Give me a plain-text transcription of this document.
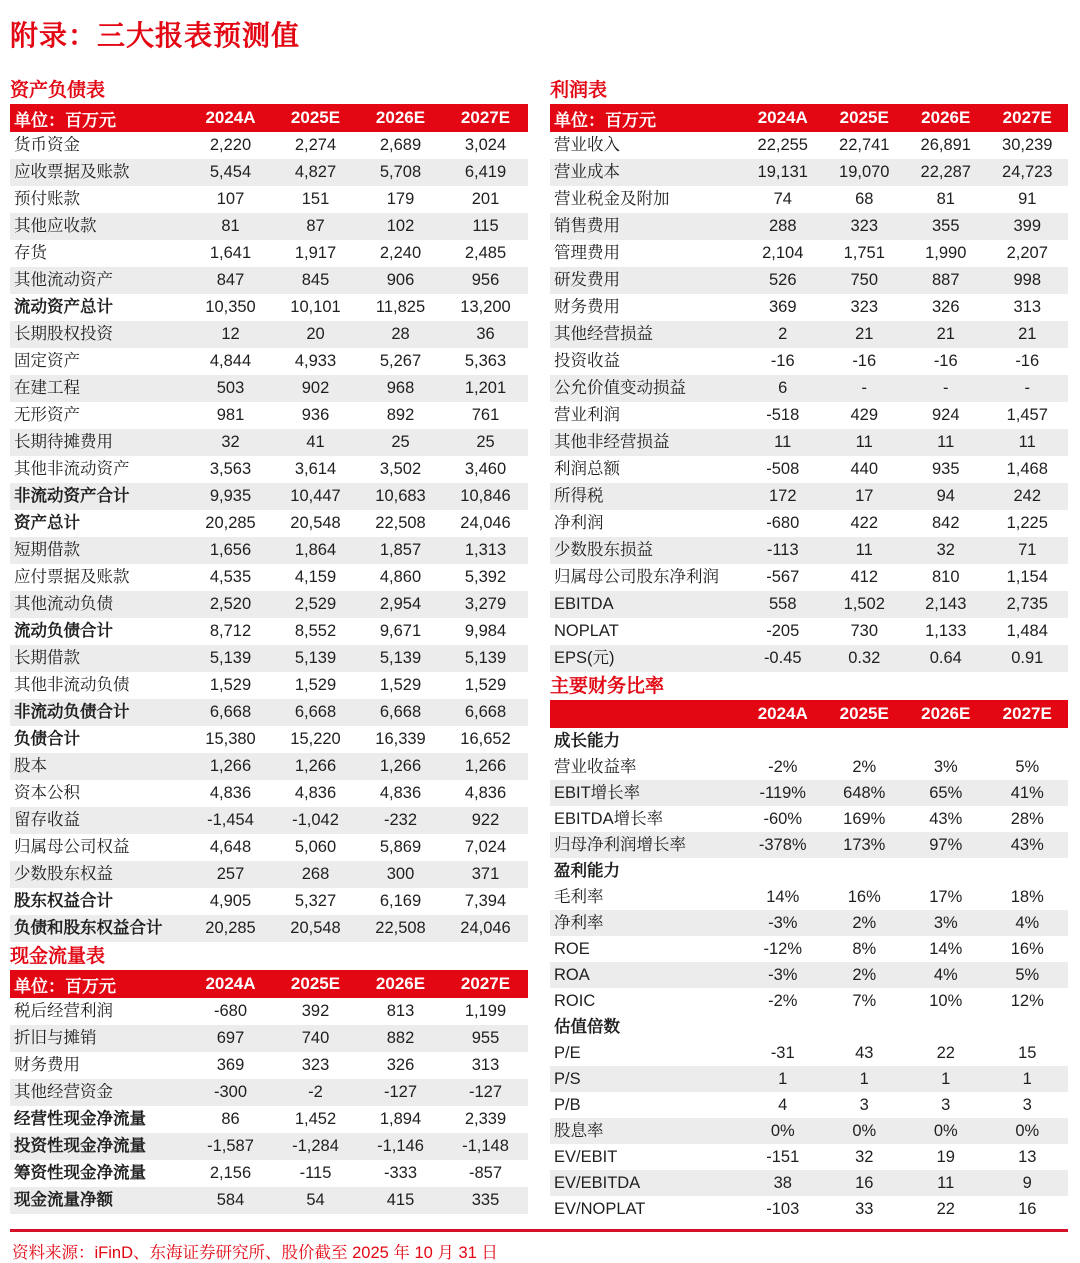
附录：三大报表预测值
资产负债表
单位：百万元	2024A	2025E	2026E	2027E
货币资金	2,220	2,274	2,689	3,024
应收票据及账款	5,454	4,827	5,708	6,419
预付账款	107	151	179	201
其他应收款	81	87	102	115
存货	1,641	1,917	2,240	2,485
其他流动资产	847	845	906	956
流动资产总计	10,350	10,101	11,825	13,200
长期股权投资	12	20	28	36
固定资产	4,844	4,933	5,267	5,363
在建工程	503	902	968	1,201
无形资产	981	936	892	761
长期待摊费用	32	41	25	25
其他非流动资产	3,563	3,614	3,502	3,460
非流动资产合计	9,935	10,447	10,683	10,846
资产总计	20,285	20,548	22,508	24,046
短期借款	1,656	1,864	1,857	1,313
应付票据及账款	4,535	4,159	4,860	5,392
其他流动负债	2,520	2,529	2,954	3,279
流动负债合计	8,712	8,552	9,671	9,984
长期借款	5,139	5,139	5,139	5,139
其他非流动负债	1,529	1,529	1,529	1,529
非流动负债合计	6,668	6,668	6,668	6,668
负债合计	15,380	15,220	16,339	16,652
股本	1,266	1,266	1,266	1,266
资本公积	4,836	4,836	4,836	4,836
留存收益	-1,454	-1,042	-232	922
归属母公司权益	4,648	5,060	5,869	7,024
少数股东权益	257	268	300	371
股东权益合计	4,905	5,327	6,169	7,394
负债和股东权益合计	20,285	20,548	22,508	24,046
现金流量表
单位：百万元	2024A	2025E	2026E	2027E
税后经营利润	-680	392	813	1,199
折旧与摊销	697	740	882	955
财务费用	369	323	326	313
其他经营资金	-300	-2	-127	-127
经营性现金净流量	86	1,452	1,894	2,339
投资性现金净流量	-1,587	-1,284	-1,146	-1,148
筹资性现金净流量	2,156	-115	-333	-857
现金流量净额	584	54	415	335
利润表
单位：百万元	2024A	2025E	2026E	2027E
营业收入	22,255	22,741	26,891	30,239
营业成本	19,131	19,070	22,287	24,723
营业税金及附加	74	68	81	91
销售费用	288	323	355	399
管理费用	2,104	1,751	1,990	2,207
研发费用	526	750	887	998
财务费用	369	323	326	313
其他经营损益	2	21	21	21
投资收益	-16	-16	-16	-16
公允价值变动损益	6	-	-	-
营业利润	-518	429	924	1,457
其他非经营损益	11	11	11	11
利润总额	-508	440	935	1,468
所得税	172	17	94	242
净利润	-680	422	842	1,225
少数股东损益	-113	11	32	71
归属母公司股东净利润	-567	412	810	1,154
EBITDA	558	1,502	2,143	2,735
NOPLAT	-205	730	1,133	1,484
EPS(元)	-0.45	0.32	0.64	0.91
主要财务比率
	2024A	2025E	2026E	2027E
成长能力				
营业收益率	-2%	2%	3%	5%
EBIT增长率	-119%	648%	65%	41%
EBITDA增长率	-60%	169%	43%	28%
归母净利润增长率	-378%	173%	97%	43%
盈利能力				
毛利率	14%	16%	17%	18%
净利率	-3%	2%	3%	4%
ROE	-12%	8%	14%	16%
ROA	-3%	2%	4%	5%
ROIC	-2%	7%	10%	12%
估值倍数				
P/E	-31	43	22	15
P/S	1	1	1	1
P/B	4	3	3	3
股息率	0%	0%	0%	0%
EV/EBIT	-151	32	19	13
EV/EBITDA	38	16	11	9
EV/NOPLAT	-103	33	22	16
资料来源：iFinD、东海证券研究所、股价截至 2025 年 10 月 31 日
